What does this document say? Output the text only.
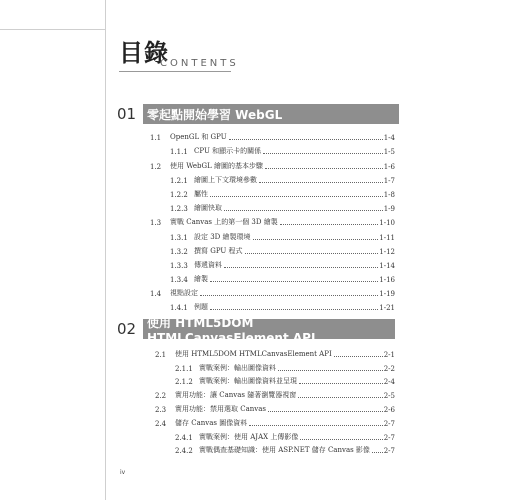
目錄
CONTENTS
01 零起點開始學習 WebGL
1.1	OpenGL 和 GPU	1-4
1.1.1 CPU 和顯示卡的關係	1-5
1.2	使用 WebGL 繪圖的基本步驟	1-6
1.2.1 繪圖上下文環境參數	1-7
1.2.2 屬性	1-8
1.2.3 繪圖快取	1-9
1.3	實戰 Canvas 上的第一個 3D 繪製	1-10
1.3.1 設定 3D 繪製環境	1-11
1.3.2 撰寫 GPU 程式	1-12
1.3.3 傳遞資料	1-14
1.3.4 繪製	1-16
1.4	視點設定	1-19
1.4.1 例題	1-21
02 使用 HTML5DOM HTMLCanvasElement API
2.1	使用 HTML5DOM HTMLCanvasElement API	2-1
2.1.1 實戰案例：輸出圖像資料	2-2
2.1.2 實戰案例：輸出圖像資料並呈現	2-4
2.2	實用功能：讓 Canvas 隨著瀏覽器視窗	2-5
2.3	實用功能：禁用選取 Canvas	2-6
2.4	儲存 Canvas 圖像資料	2-7
2.4.1 實戰案例：使用 AJAX 上傳影像	2-7
2.4.2 實戰偶查基礎知識：使用 ASP.NET 儲存 Canvas 影像 2-7
iv
